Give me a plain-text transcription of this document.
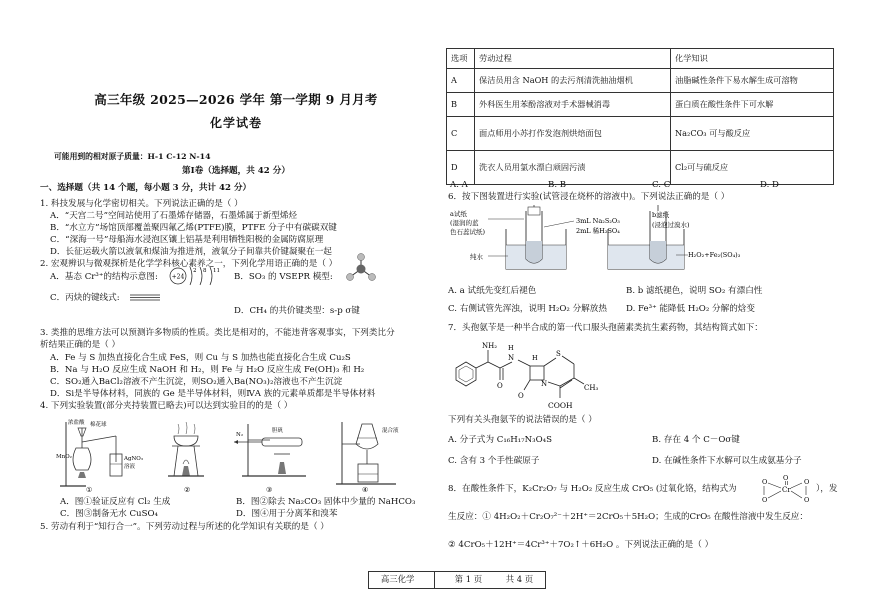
高三年级 2025—2026 学年 第一学期 9 月月考
化学试卷
可能用到的相对原子质量：H-1 C-12 N-14
第Ⅰ卷（选择题，共 42 分）
一、选择题（共 14 个题，每小题 3 分，共计 42 分）
1. 科技发展与化学密切相关。下列说法正确的是（ ）
A．“天宫二号”空间站使用了石墨烯存储器，石墨烯属于新型烯烃
B．“水立方”场馆顶部覆盖聚四氟乙烯(PTFE)膜，PTFE 分子中有碳碳双键
C．“深海一号”母船海水浸泡区镶上铝基是利用牺牲阳极的金属防腐原理
D．长征运载火箭以液氧和煤油为推进剂，液氧分子间靠共价键凝聚在一起
2. 宏观辨识与微观探析是化学学科核心素养之一，下列化学用语正确的是（ ）
A．基态 Cr³⁺的结构示意图: +24
2 8 11
B．SO₃ 的 VSEPR 模型:
C．丙炔的键线式:
D．CH₄ 的共价键类型：s-p σ键
3. 类推的思维方法可以预测许多物质的性质。类比是相对的，不能违背客观事实，下列类比分
析结果正确的是（ ）
A．Fe 与 S 加热直接化合生成 FeS，则 Cu 与 S 加热也能直接化合生成 Cu₂S
B．Na 与 H₂O 反应生成 NaOH 和 H₂，则 Fe 与 H₂O 反应生成 Fe(OH)₃ 和 H₂
C．SO₂通入BaCl₂溶液不产生沉淀，则SO₂通入Ba(NO₃)₂溶液也不产生沉淀
D．Si是半导体材料，同族的 Ge 是半导体材料，则ⅣA 族的元素单质都是半导体材料
4. 下列实验装置(部分夹持装置已略去)可以达到实验目的的是（ ）
浓盐酸 棉花球
MnO₂	AgNO₃
溶液
①	②
N₂
胆矾
③
混合液
④
A．图①验证反应有 Cl₂ 生成	B．图②除去 Na₂CO₃ 固体中少量的 NaHCO₃
C．图③制备无水 CuSO₄	D．图④用于分离苯和溴苯
5. 劳动有利于“知行合一”。下列劳动过程与所述的化学知识有关联的是（ ）
选项	劳动过程	化学知识
A	保洁员用含 NaOH 的去污剂清洗抽油烟机	油脂碱性条件下易水解生成可溶物
B	外科医生用苯酚溶液对手术器械消毒	蛋白质在酸性条件下可水解
C	面点师用小苏打作发泡剂烘焙面包	Na₂CO₃ 可与酸反应
D	洗衣人员用氯水漂白顽固污渍	Cl₂可与硫反应
A. A	B. B	C. C	D. D
6．按下图装置进行实验(试管浸在烧杯的溶液中)。下列说法正确的是（ ）
a试纸
(湿润的蓝
色石蕊试纸)
纯水
3mL Na₂S₂O₃
2mL 稀H₂SO₄
b滤纸
(浸泡过溴水)
H₂O₂+Fe₂(SO₄)₃
A. a 试纸先变红后褪色	B. b 滤纸褪色，说明 SO₂ 有漂白性
C. 右侧试管先浑浊，说明 H₂O₂ 分解放热 D. Fe³⁺ 能降低 H₂O₂ 分解的焓变
7．头孢氨苄是一种半合成的第一代口服头孢菌素类抗生素药物，其结构简式如下：
NH₂
O
N
H
O
N
S
CH₃
COOH
H
下列有关头孢氨苄的说法错误的是（ ）
A. 分子式为 C₁₆H₁₇N₃O₄S	B. 存在 4 个 C－Oσ键
C. 含有 3 个手性碳原子	D. 在碱性条件下水解可以生成氨基分子
8．在酸性条件下，K₂Cr₂O₇ 与 H₂O₂ 反应生成 CrO₅ (过氧化铬，结构式为	Cr
O
O
O
O
O
），发
生反应：① 4H₂O₂＋Cr₂O₇²⁻＋2H⁺＝2CrO₅＋5H₂O；生成的CrO₅ 在酸性溶液中发生反应：
② 4CrO₅＋12H⁺＝4Cr³⁺＋7O₂↑＋6H₂O 。下列说法正确的是（ ）
高三化学	第 1 页	共 4 页
